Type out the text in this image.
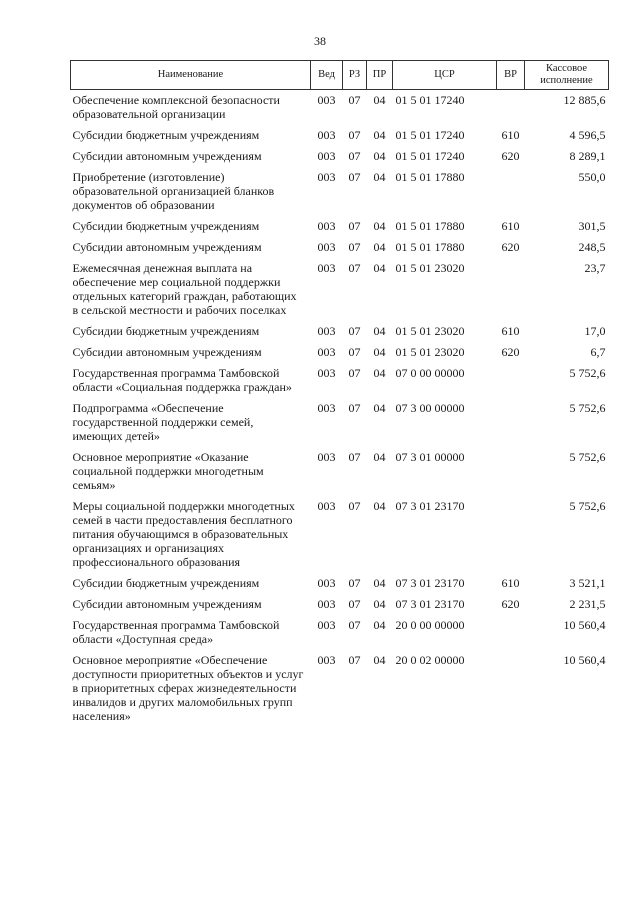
38
Наименование	Вед	РЗ	ПР	ЦСР	ВР	Кассовое исполнение
Обеспечение комплексной безопасности образовательной организации	003	07	04	01 5 01 17240		12 885,6
Субсидии бюджетным учреждениям	003	07	04	01 5 01 17240	610	4 596,5
Субсидии автономным учреждениям	003	07	04	01 5 01 17240	620	8 289,1
Приобретение (изготовление) образовательной организацией бланков документов об образовании	003	07	04	01 5 01 17880		550,0
Субсидии бюджетным учреждениям	003	07	04	01 5 01 17880	610	301,5
Субсидии автономным учреждениям	003	07	04	01 5 01 17880	620	248,5
Ежемесячная денежная выплата на обеспечение мер социальной поддержки отдельных категорий граждан, работающих в сельской местности и рабочих поселках	003	07	04	01 5 01 23020		23,7
Субсидии бюджетным учреждениям	003	07	04	01 5 01 23020	610	17,0
Субсидии автономным учреждениям	003	07	04	01 5 01 23020	620	6,7
Государственная программа Тамбовской области «Социальная поддержка граждан»	003	07	04	07 0 00 00000		5 752,6
Подпрограмма «Обеспечение государственной поддержки семей, имеющих детей»	003	07	04	07 3 00 00000		5 752,6
Основное мероприятие «Оказание социальной поддержки многодетным семьям»	003	07	04	07 3 01 00000		5 752,6
Меры социальной поддержки многодетных семей в части предоставления бесплатного питания обучающимся в образовательных организациях и организациях профессионального образования	003	07	04	07 3 01 23170		5 752,6
Субсидии бюджетным учреждениям	003	07	04	07 3 01 23170	610	3 521,1
Субсидии автономным учреждениям	003	07	04	07 3 01 23170	620	2 231,5
Государственная программа Тамбовской области «Доступная среда»	003	07	04	20 0 00 00000		10 560,4
Основное мероприятие «Обеспечение доступности приоритетных объектов и услуг в приоритетных сферах жизнедеятельности инвалидов и других маломобильных групп населения»	003	07	04	20 0 02 00000		10 560,4
